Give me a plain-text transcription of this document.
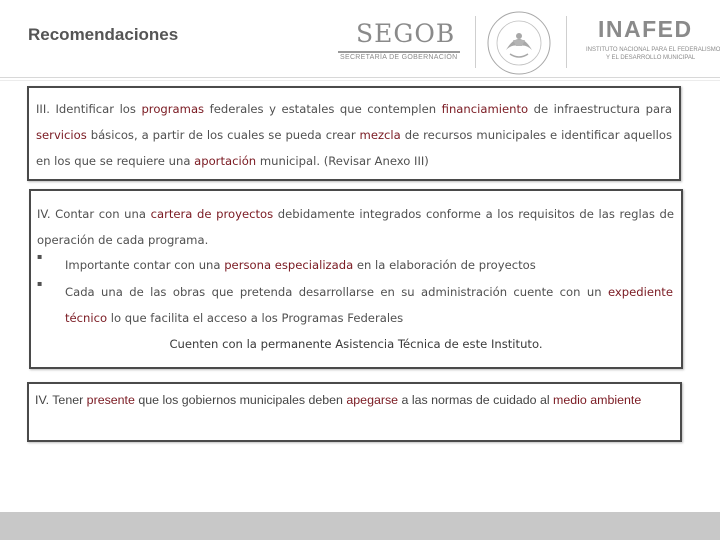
Recomendaciones	SEGOB
SECRETARÍA DE GOBERNACIÓN
INAFED
INSTITUTO NACIONAL PARA EL FEDERALISMO
Y EL DESARROLLO MUNICIPAL
III. Identificar los programas federales y estatales que contemplen financiamiento de infraestructura para servicios básicos, a partir de los cuales se pueda crear mezcla de recursos municipales e identificar aquellos en los que se requiere una aportación municipal. (Revisar Anexo III)
IV. Contar con una cartera de proyectos debidamente integrados conforme a los requisitos de las reglas de operación de cada programa.
▪
Importante contar con una persona especializada en la elaboración de proyectos
▪
Cada una de las obras que pretenda desarrollarse en su administración cuente con un expediente técnico lo que facilita el acceso a los Programas Federales
Cuenten con la permanente Asistencia Técnica de este Instituto.
IV. Tener presente que los gobiernos municipales deben apegarse a las normas de cuidado al medio ambiente
